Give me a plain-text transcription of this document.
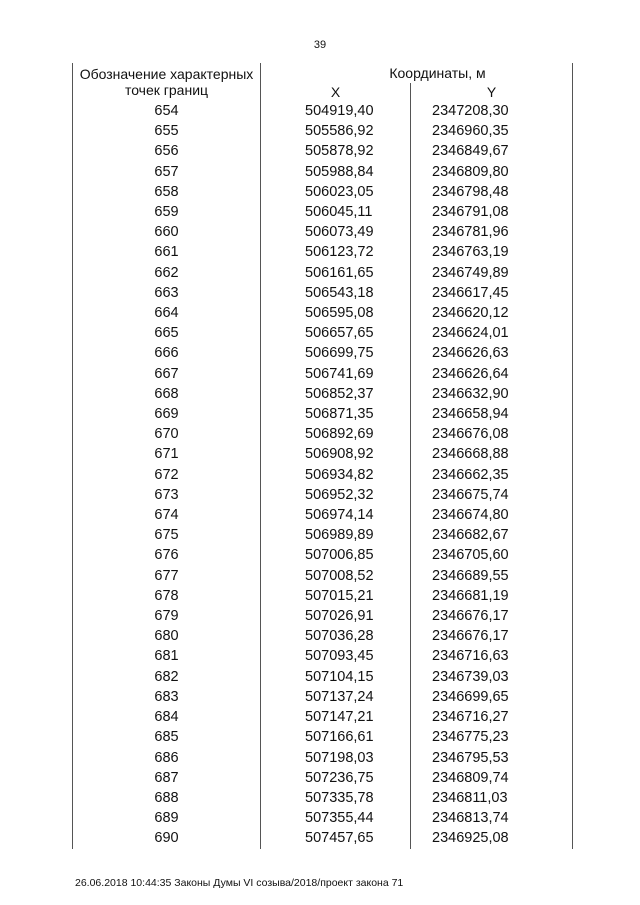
39
Обозначение характерных точек границ	Координаты, м	
	X	Y
654	504919,40	2347208,30
655	505586,92	2346960,35
656	505878,92	2346849,67
657	505988,84	2346809,80
658	506023,05	2346798,48
659	506045,11	2346791,08
660	506073,49	2346781,96
661	506123,72	2346763,19
662	506161,65	2346749,89
663	506543,18	2346617,45
664	506595,08	2346620,12
665	506657,65	2346624,01
666	506699,75	2346626,63
667	506741,69	2346626,64
668	506852,37	2346632,90
669	506871,35	2346658,94
670	506892,69	2346676,08
671	506908,92	2346668,88
672	506934,82	2346662,35
673	506952,32	2346675,74
674	506974,14	2346674,80
675	506989,89	2346682,67
676	507006,85	2346705,60
677	507008,52	2346689,55
678	507015,21	2346681,19
679	507026,91	2346676,17
680	507036,28	2346676,17
681	507093,45	2346716,63
682	507104,15	2346739,03
683	507137,24	2346699,65
684	507147,21	2346716,27
685	507166,61	2346775,23
686	507198,03	2346795,53
687	507236,75	2346809,74
688	507335,78	2346811,03
689	507355,44	2346813,74
690	507457,65	2346925,08
26.06.2018 10:44:35 Законы Думы VI созыва/2018/проект закона 71
